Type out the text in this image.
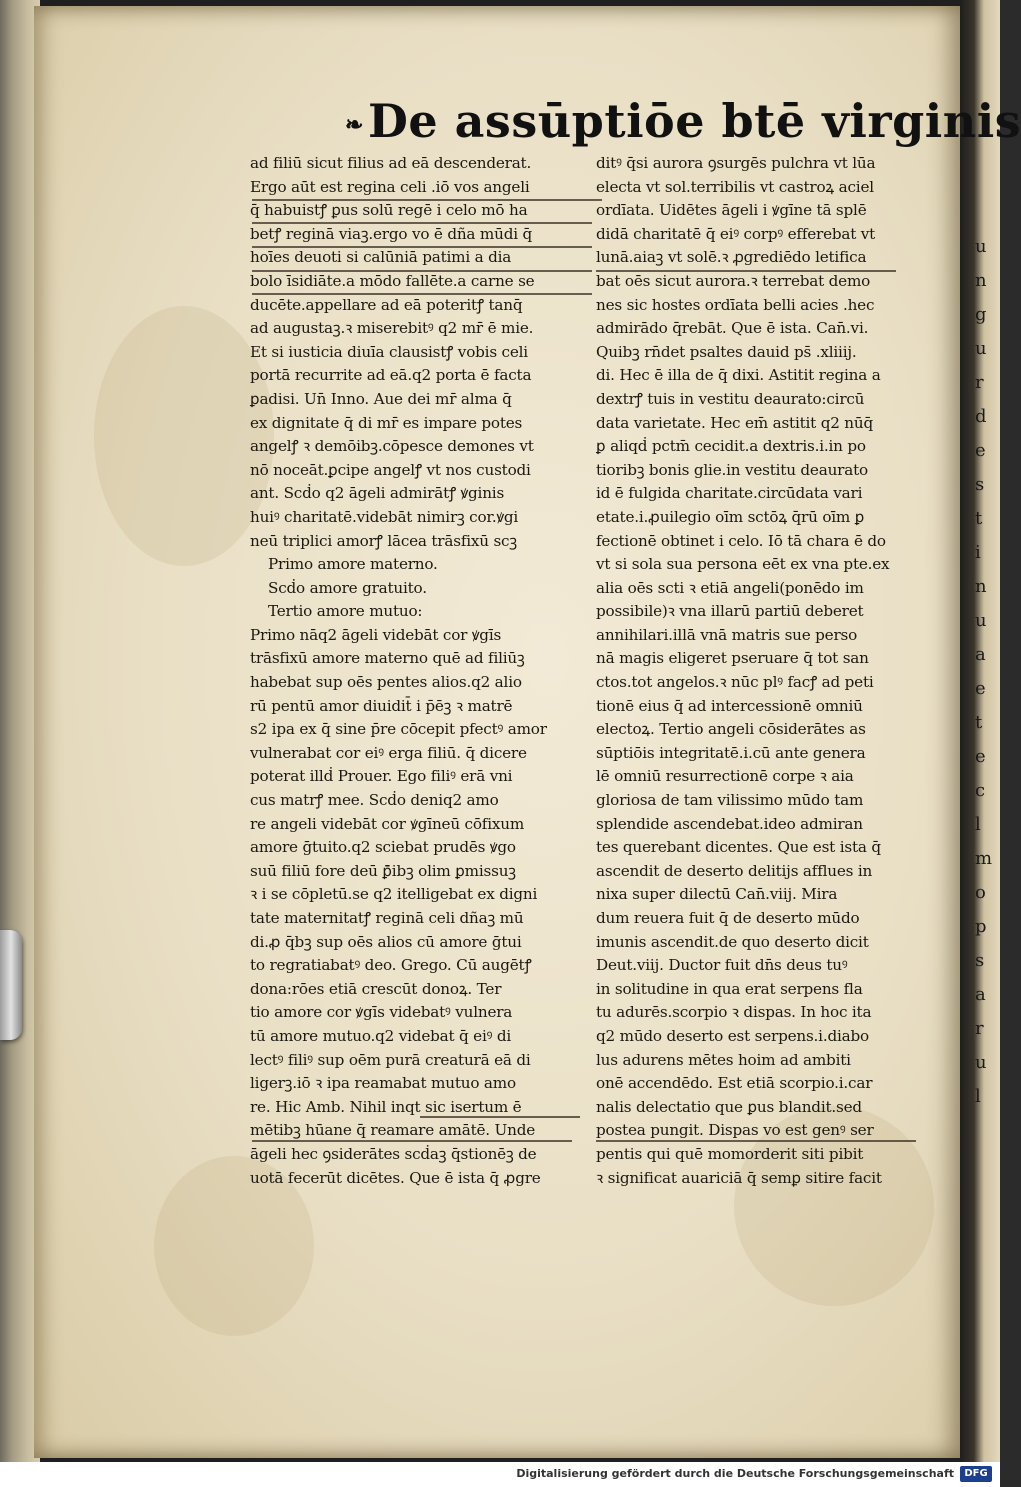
u
n
g
u
r
d
e
s
t
i
n
u
a
e
t
e
c
l
m
o
p
s
a
r
u
l
❧De assūptiōe btē virginis
ad filiū sicut filius ad eā descenderat.
Ergo aūt est regina celi .iō vos angeli
q̄ habuistꝭ ꝑus solū regē i celo mō ha
betꝭ reginā viaꝫ.ergo vo ē dña mūdi q̄
hoīes deuoti si calūniā patimi a dia
bolo īsidiāte.a mōdo fallēte.a carne se
ducēte.appellare ad eā poteritꝭ tanq̄
ad augustaꝫ.ꝛ miserebitꝰ q2 mr̄ ē mie.
Et si iusticia diuīa clausistꝭ vobis celi
portā recurrite ad eā.q2 porta ē facta
ꝑadisi. Un̄ Inno. Aue dei mr̄ alma q̄
ex dignitate q̄ di mr̄ es impare potes
angelꝭ ꝛ demōibꝫ.cōpesce demones vt
nō noceāt.ꝑcipe angelꝭ vt nos custodi
ant. Scḋo q2 āgeli admirātꝭ ꝟginis
huiꝰ charitatē.videbāt nimirꝫ cor.ꝟgi
neū triplici amorꝭ lācea trāsfixū scꝫ
Primo amore materno.
Scḋo amore gratuito.
Tertio amore mutuo:
Primo nāq2 āgeli videbāt cor ꝟgīs
trāsfixū amore materno quē ad filiūꝫ
habebat sup oēs pentes alios.q2 alio
rū pentū amor diuidit̄ i p̄ēꝫ ꝛ matrē
s2 ipa ex q̄ sine p̄re cōcepit pfectꝰ amor
vulnerabat cor eiꝰ erga filiū. q̄ dicere
poterat illḋ Prouer. Ego filiꝰ erā vni
cus matrꝭ mee. Scḋo deniq2 amo
re angeli videbāt cor ꝟgīneū cōfixum
amore ḡtuito.q2 sciebat prudēs ꝟgo
suū filiū fore deū ꝑ̄ibꝫ olim ꝑmissuꝫ
ꝛ i se cōpletū.se q2 itelligebat ex digni
tate maternitatꝭ reginā celi dñaꝫ mū
di.ꝓ q̄bꝫ sup oēs alios cū amore ḡtui
to regratiabatꝰ deo. Grego. Cū augētꝭ
dona:rōes etiā crescūt donoꝝ. Ter
tio amore cor ꝟgīs videbatꝰ vulnera
tū amore mutuo.q2 videbat q̄ eiꝰ di
lectꝰ filiꝰ sup oēm purā creaturā eā di
ligerꝫ.iō ꝛ ipa reamabat mutuo amo
re. Hic Amb. Nihil inqt sic isertum ē
mētibꝫ hūane q̄ reamare amātē. Unde
āgeli hec ꝯsiderātes scḋaꝫ q̄stionēꝫ de
uotā fecerūt dicētes. Que ē ista q̄ ꝓgre
ditꝰ q̄si aurora ꝯsurgēs pulchra vt lūa
electa vt sol.terribilis vt castroꝝ aciel
ordīata. Uidētes āgeli i ꝟgīne tā splē
didā charitatē q̄ eiꝰ corpꝰ efferebat vt
lunā.aiaꝫ vt solē.ꝛ ꝓgrediēdo letifica
bat oēs sicut aurora.ꝛ terrebat demo
nes sic hostes ordīata belli acies .hec
admirādo q̄rebāt. Que ē ista. Can̄.vi.
Quibꝫ rn̄det psaltes dauid ps̄ .xliiij.
di. Hec ē illa de q̄ dixi. Astitit regina a
dextrꝭ tuis in vestitu deaurato:circū
data varietate. Hec em̄ astitit q2 nūq̄
ꝑ aliqḋ pctm̄ cecidit.a dextris.i.in po
tioribꝫ bonis glie.in vestitu deaurato
id ē fulgida charitate.circūdata vari
etate.i.ꝓuilegio oīm sctōꝝ q̄rū oīm ꝑ
fectionē obtinet i celo. Iō tā chara ē do
vt si sola sua persona eēt ex vna pte.ex
alia oēs scti ꝛ etiā angeli(ponēdo im
possibile)ꝛ vna illarū partiū deberet
annihilari.illā vnā matris sue perso
nā magis eligeret pseruare q̄ tot san
ctos.tot angelos.ꝛ nūc plꝰ facꝭ ad peti
tionē eius q̄ ad intercessionē omniū
electoꝝ. Tertio angeli cōsiderātes as
sūptiōis integritatē.i.cū ante genera
lē omniū resurrectionē corpe ꝛ aia
gloriosa de tam vilissimo mūdo tam
splendide ascendebat.ideo admiran
tes querebant dicentes. Que est ista q̄
ascendit de deserto delitijs afflues in
nixa super dilectū Can̄.viij. Mira
dum reuera fuit q̄ de deserto mūdo
imunis ascendit.de quo deserto dicit
Deut.viij. Ductor fuit dn̄s deus tuꝰ
in solitudine in qua erat serpens fla
tu adurēs.scorpio ꝛ dispas. In hoc ita
q2 mūdo deserto est serpens.i.diabo
lus adurens mētes hoim ad ambiti
onē accendēdo. Est etiā scorpio.i.car
nalis delectatio que ꝑus blandit.sed
postea pungit. Dispas vo est genꝰ ser
pentis qui quē momorderit siti pibit
ꝛ significat auariciā q̄ semꝑ sitire facit
Digitalisierung gefördert durch die Deutsche Forschungsgemeinschaft	DFG
